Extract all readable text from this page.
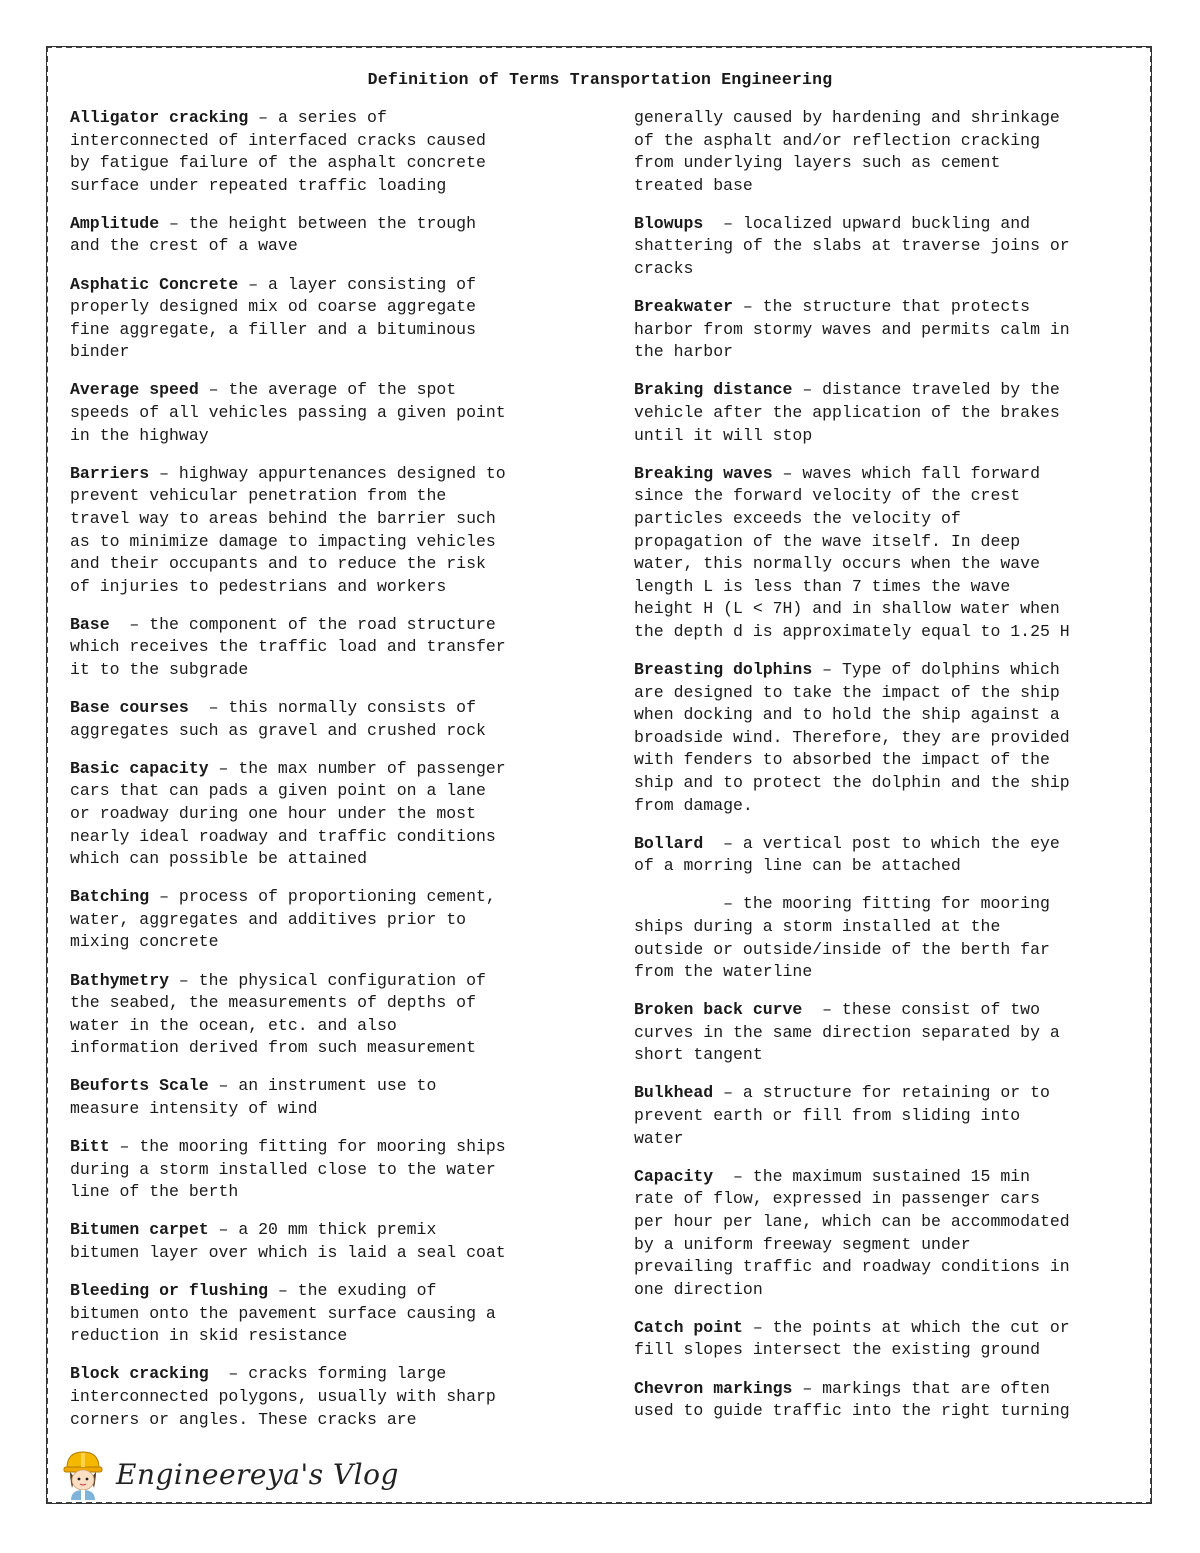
Definition of Terms Transportation Engineering
Alligator cracking – a series of
interconnected of interfaced cracks caused
by fatigue failure of the asphalt concrete
surface under repeated traffic loading
Amplitude – the height between the trough
and the crest of a wave
Asphatic Concrete – a layer consisting of
properly designed mix od coarse aggregate
fine aggregate, a filler and a bituminous
binder
Average speed – the average of the spot
speeds of all vehicles passing a given point
in the highway
Barriers – highway appurtenances designed to
prevent vehicular penetration from the
travel way to areas behind the barrier such
as to minimize damage to impacting vehicles
and their occupants and to reduce the risk
of injuries to pedestrians and workers
Base  – the component of the road structure
which receives the traffic load and transfer
it to the subgrade
Base courses  – this normally consists of
aggregates such as gravel and crushed rock
Basic capacity – the max number of passenger
cars that can pads a given point on a lane
or roadway during one hour under the most
nearly ideal roadway and traffic conditions
which can possible be attained
Batching – process of proportioning cement,
water, aggregates and additives prior to
mixing concrete
Bathymetry – the physical configuration of
the seabed, the measurements of depths of
water in the ocean, etc. and also
information derived from such measurement
Beuforts Scale – an instrument use to
measure intensity of wind
Bitt – the mooring fitting for mooring ships
during a storm installed close to the water
line of the berth
Bitumen carpet – a 20 mm thick premix
bitumen layer over which is laid a seal coat
Bleeding or flushing – the exuding of
bitumen onto the pavement surface causing a
reduction in skid resistance
Block cracking  – cracks forming large
interconnected polygons, usually with sharp
corners or angles. These cracks are
generally caused by hardening and shrinkage
of the asphalt and/or reflection cracking
from underlying layers such as cement
treated base
Blowups  – localized upward buckling and
shattering of the slabs at traverse joins or
cracks
Breakwater – the structure that protects
harbor from stormy waves and permits calm in
the harbor
Braking distance – distance traveled by the
vehicle after the application of the brakes
until it will stop
Breaking waves – waves which fall forward
since the forward velocity of the crest
particles exceeds the velocity of
propagation of the wave itself. In deep
water, this normally occurs when the wave
length L is less than 7 times the wave
height H (L < 7H) and in shallow water when
the depth d is approximately equal to 1.25 H
Breasting dolphins – Type of dolphins which
are designed to take the impact of the ship
when docking and to hold the ship against a
broadside wind. Therefore, they are provided
with fenders to absorbed the impact of the
ship and to protect the dolphin and the ship
from damage.
Bollard  – a vertical post to which the eye
of a morring line can be attached
– the mooring fitting for mooring
ships during a storm installed at the
outside or outside/inside of the berth far
from the waterline
Broken back curve  – these consist of two
curves in the same direction separated by a
short tangent
Bulkhead – a structure for retaining or to
prevent earth or fill from sliding into
water
Capacity  – the maximum sustained 15 min
rate of flow, expressed in passenger cars
per hour per lane, which can be accommodated
by a uniform freeway segment under
prevailing traffic and roadway conditions in
one direction
Catch point – the points at which the cut or
fill slopes intersect the existing ground
Chevron markings – markings that are often
used to guide traffic into the right turning
Engineereya's Vlog
